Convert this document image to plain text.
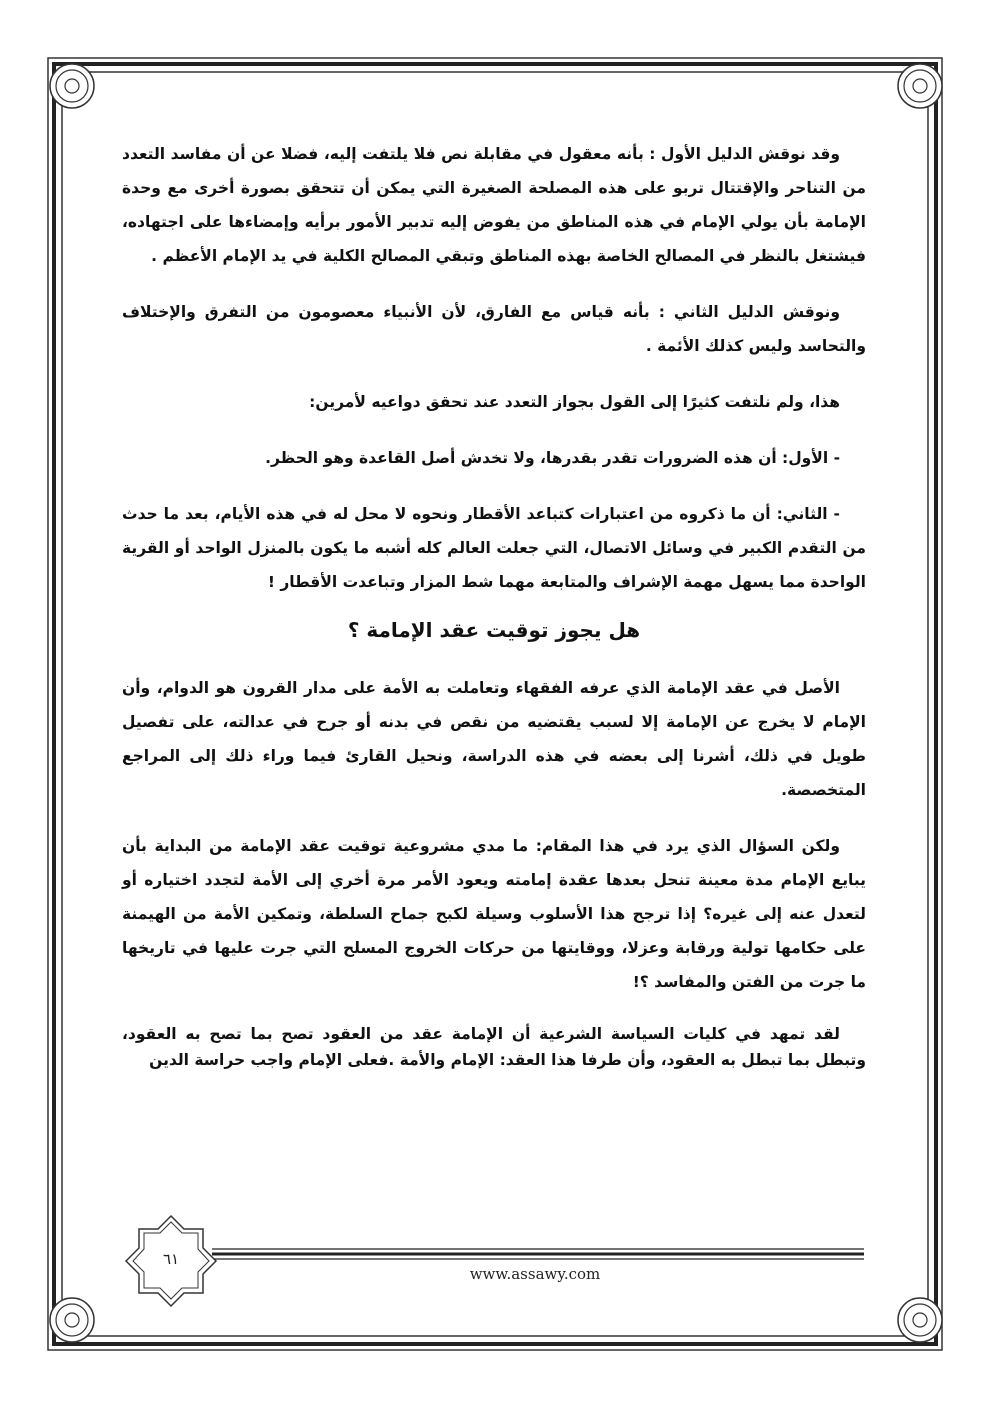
وقد نوقش الدليل الأول : بأنه معقول في مقابلة نص فلا يلتفت إليه، فضلا عن أن مفاسد التعدد من التناحر والإقتتال تربو على هذه المصلحة الصغيرة التي يمكن أن تتحقق بصورة أخرى مع وحدة الإمامة بأن يولي الإمام في هذه المناطق من يفوض إليه تدبير الأمور برأيه وإمضاءها على اجتهاده، فيشتغل بالنظر في المصالح الخاصة بهذه المناطق وتبقي المصالح الكلية في يد الإمام الأعظم .

ونوقش الدليل الثاني : بأنه قياس مع الفارق، لأن الأنبياء معصومون من التفرق والإختلاف والتحاسد وليس كذلك الأئمة .

هذا، ولم نلتفت كثيرًا إلى القول بجواز التعدد عند تحقق دواعيه لأمرين:

- الأول: أن هذه الضرورات تقدر بقدرها، ولا تخدش أصل القاعدة وهو الحظر.

- الثاني: أن ما ذكروه من اعتبارات كتباعد الأقطار ونحوه لا محل له في هذه الأيام، بعد ما حدث من التقدم الكبير في وسائل الاتصال، التي جعلت العالم كله أشبه ما يكون بالمنزل الواحد أو القرية الواحدة مما يسهل مهمة الإشراف والمتابعة مهما شط المزار وتباعدت الأقطار !

هل يجوز توقيت عقد الإمامة ؟

الأصل في عقد الإمامة الذي عرفه الفقهاء وتعاملت به الأمة على مدار القرون هو الدوام، وأن الإمام لا يخرج عن الإمامة إلا لسبب يقتضيه من نقص في بدنه أو جرح في عدالته، على تفصيل طويل في ذلك، أشرنا إلى بعضه في هذه الدراسة، ونحيل القارئ فيما وراء ذلك إلى المراجع المتخصصة.

ولكن السؤال الذي يرد في هذا المقام: ما مدي مشروعية توقيت عقد الإمامة من البداية بأن يبايع الإمام مدة معينة تنحل بعدها عقدة إمامته ويعود الأمر مرة أخري إلى الأمة لتجدد اختياره أو لتعدل عنه إلى غيره؟ إذا ترجح هذا الأسلوب وسيلة لكبح جماح السلطة، وتمكين الأمة من الهيمنة على حكامها تولية ورقابة وعزلا، ووقايتها من حركات الخروج المسلح التي جرت عليها في تاريخها ما جرت من الفتن والمفاسد ؟!

لقد تمهد في كليات السياسة الشرعية أن الإمامة عقد من العقود تصح بما تصح به العقود، وتبطل بما تبطل به العقود، وأن طرفا هذا العقد: الإمام والأمة .فعلى الإمام واجب حراسة الدين

٦١
www.assawy.com
